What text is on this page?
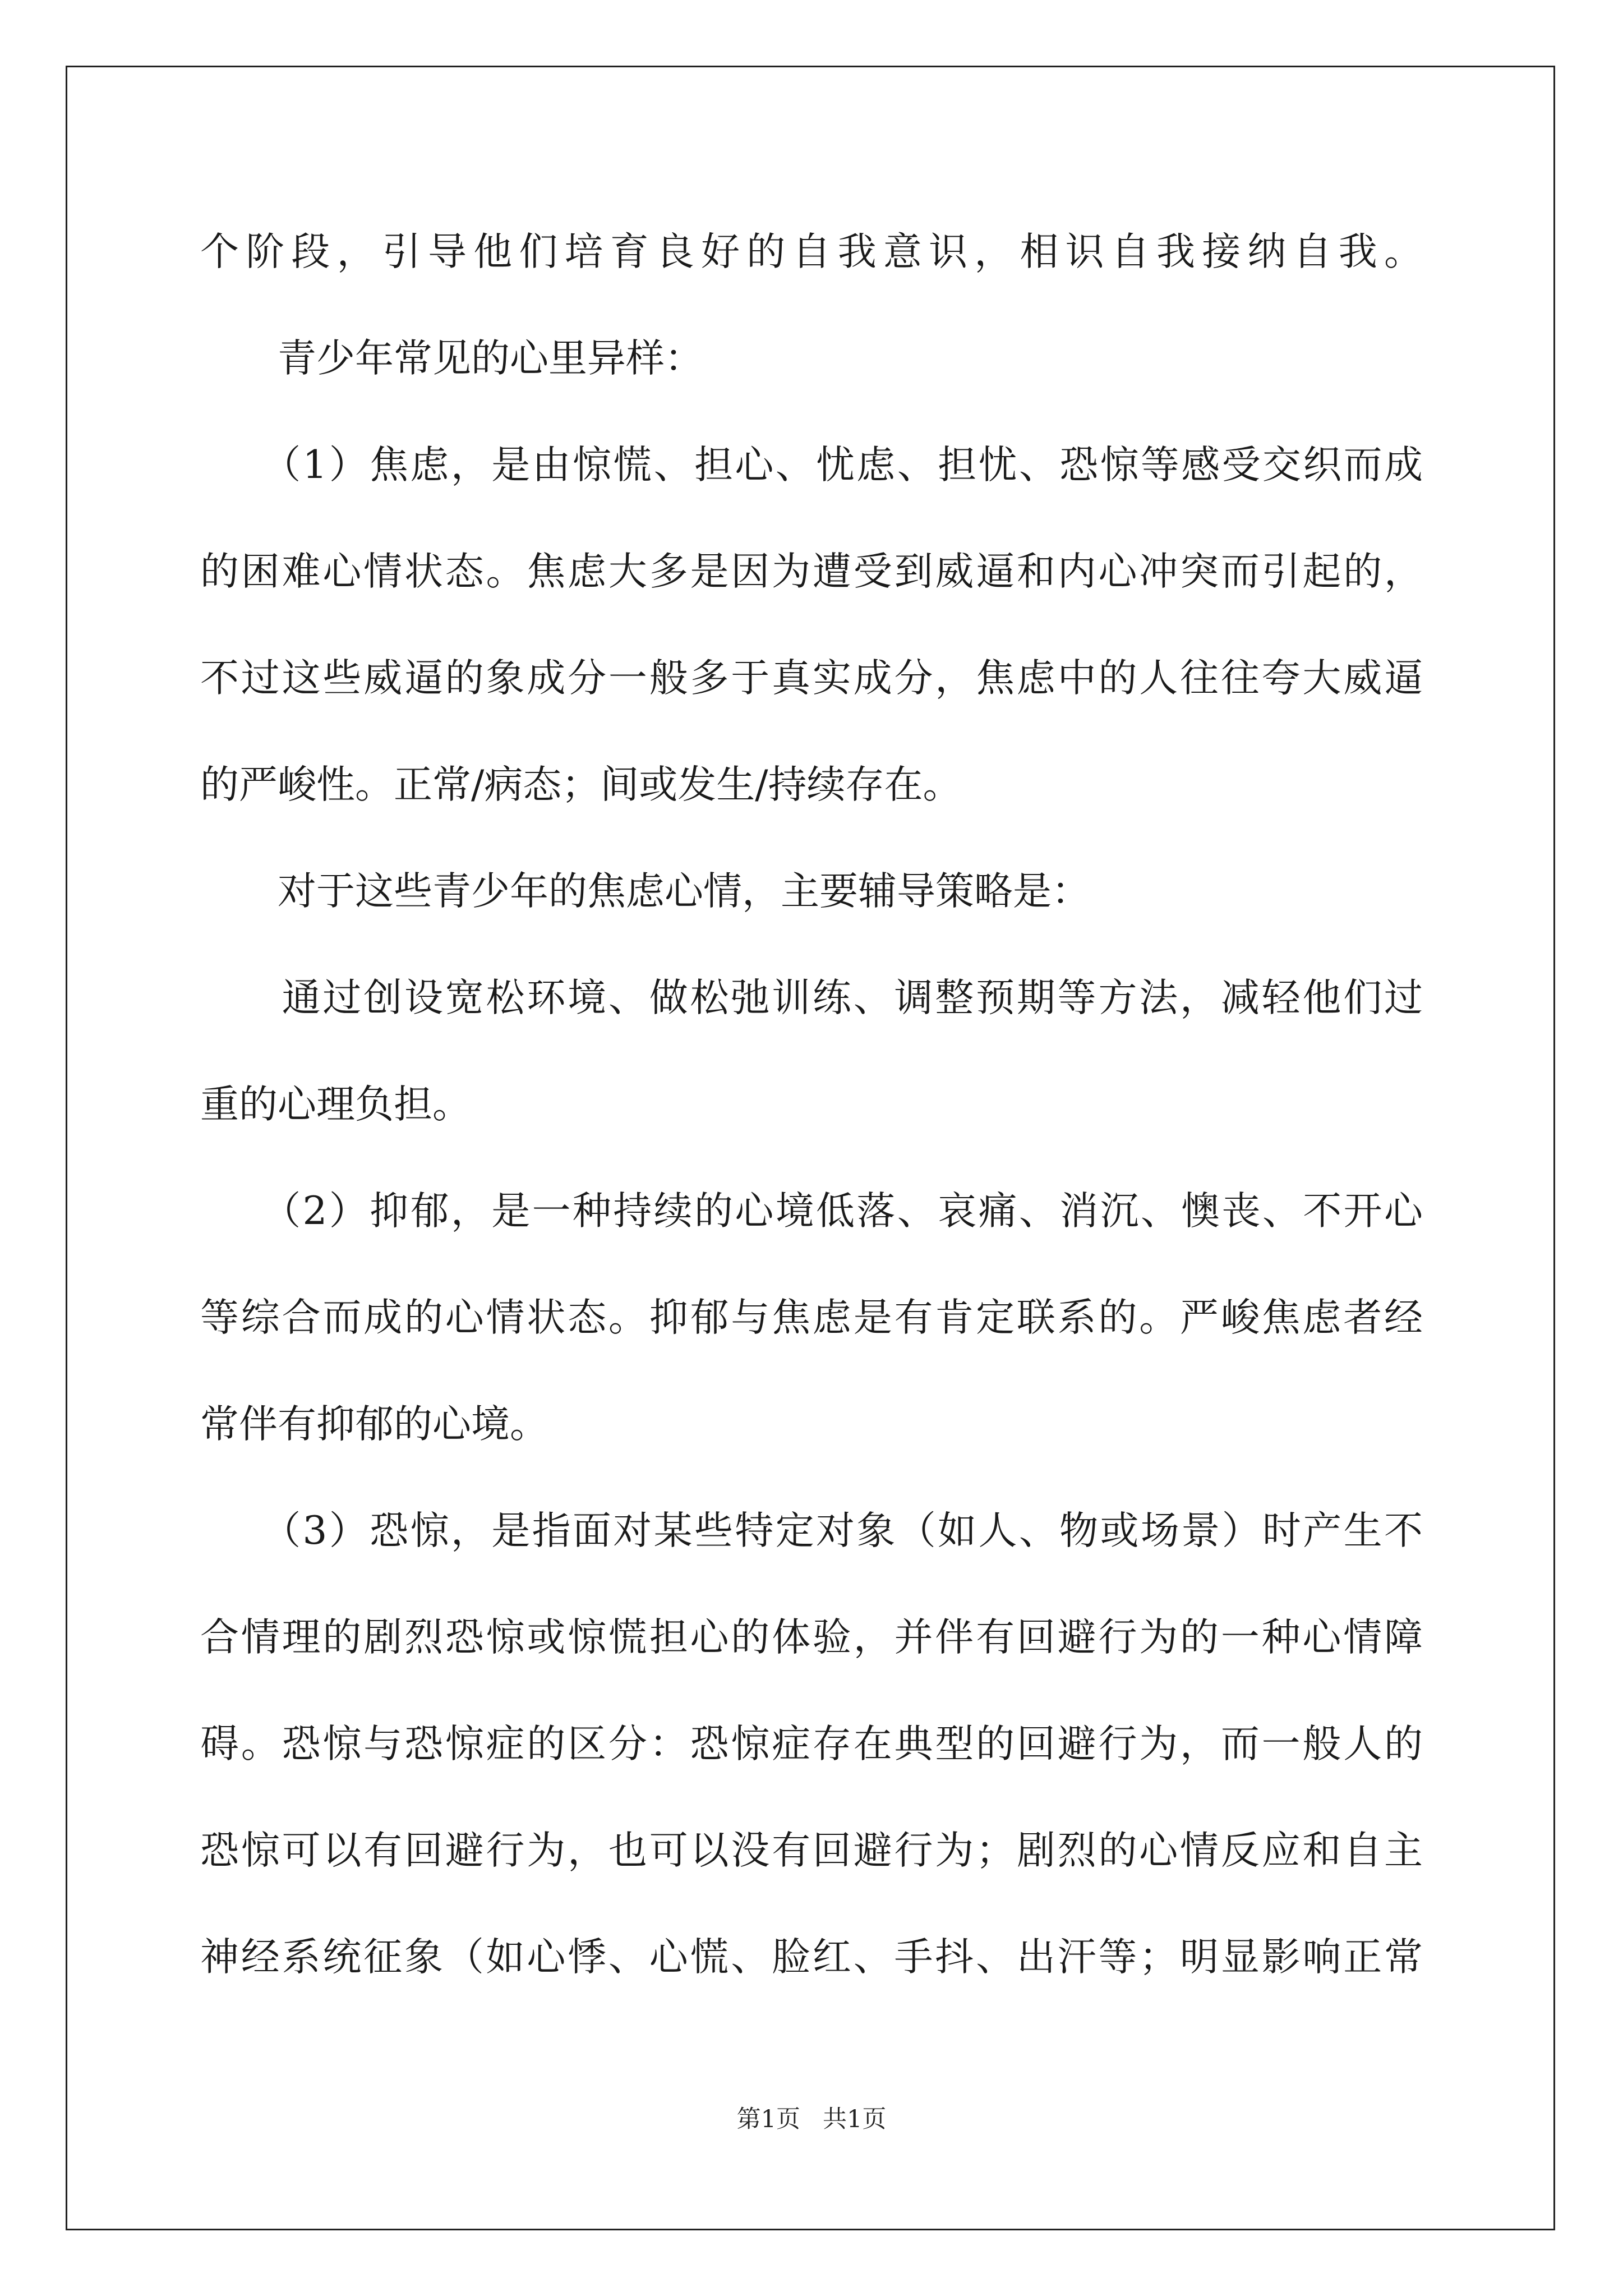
个阶段，引导他们培育良好的自我意识，相识自我接纳自我。
　　青少年常见的心里异样：
　　（1）焦虑，是由惊慌、担心、忧虑、担忧、恐惊等感受交织而成
的困难心情状态。焦虑大多是因为遭受到威逼和内心冲突而引起的，
不过这些威逼的象成分一般多于真实成分，焦虑中的人往往夸大威逼
的严峻性。正常/病态；间或发生/持续存在。
　　对于这些青少年的焦虑心情，主要辅导策略是：
　　通过创设宽松环境、做松弛训练、调整预期等方法，减轻他们过
重的心理负担。
　　（2）抑郁，是一种持续的心境低落、哀痛、消沉、懊丧、不开心
等综合而成的心情状态。抑郁与焦虑是有肯定联系的。严峻焦虑者经
常伴有抑郁的心境。
　　（3）恐惊，是指面对某些特定对象（如人、物或场景）时产生不
合情理的剧烈恐惊或惊慌担心的体验，并伴有回避行为的一种心情障
碍。恐惊与恐惊症的区分：恐惊症存在典型的回避行为，而一般人的
恐惊可以有回避行为，也可以没有回避行为；剧烈的心情反应和自主
神经系统征象（如心悸、心慌、脸红、手抖、出汗等；明显影响正常
第1页 共1页
